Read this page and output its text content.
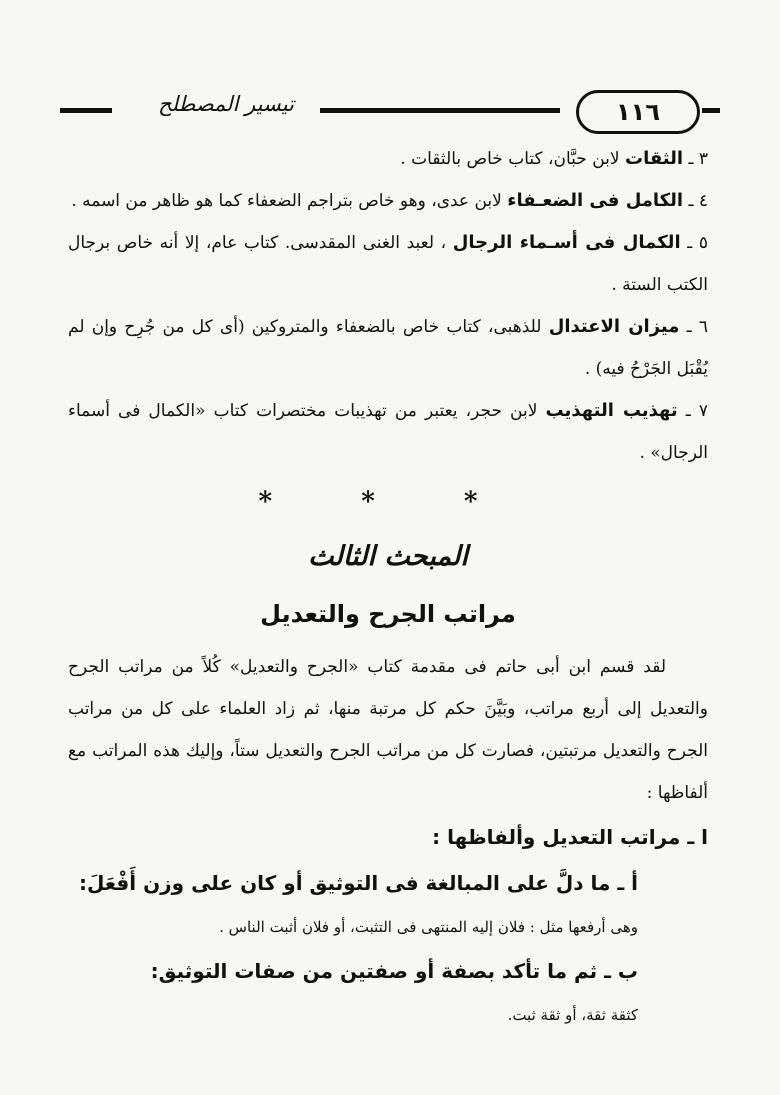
١١٦
تيسير المصطلح

٣ ـ الثقات لابن حبَّان، كتاب خاص بالثقات .

٤ ـ الكامل فى الضعـفاء لابن عدى، وهو خاص بتراجم الضعفاء كما هو ظاهر من اسمه .

٥ ـ الكمال فى أسـماء الرجال ، لعبد الغنى المقدسى. كتاب عام، إلا أنه خاص برجال الكتب الستة .

٦ ـ ميزان الاعتدال للذهبى، كتاب خاص بالضعفاء والمتروكين (أى كل من جُرِح وإن لم يُقْبَل الجَرْحُ فيه) .

٧ ـ تهذيب التهذيب لابن حجر، يعتبر من تهذيبات مختصرات كتاب «الكمال فى أسماء الرجال» .

* * *
المبحث الثالث
مراتب الجرح والتعديل

لقد قسم ابن أبى حاتم فى مقدمة كتاب «الجرح والتعديل» كُلاً من مراتب الجرح والتعديل إلى أربع مراتب، وبَيَّنَ حكم كل مرتبة منها، ثم زاد العلماء على كل من مراتب الجرح والتعديل مرتبتين، فصارت كل من مراتب الجرح والتعديل ستاً، وإليك هذه المراتب مع ألفاظها :

ا ـ مراتب التعديل وألفاظها :

أ ـ ما دلَّ على المبالغة فى التوثيق أو كان على وزن أَفْعَلَ:

وهى أرفعها مثل : فلان إليه المنتهى فى التثبت، أو فلان أثبت الناس .

ب ـ ثم ما تأكد بصفة أو صفتين من صفات التوثيق:

كثقة ثقة، أو ثقة ثبت.
